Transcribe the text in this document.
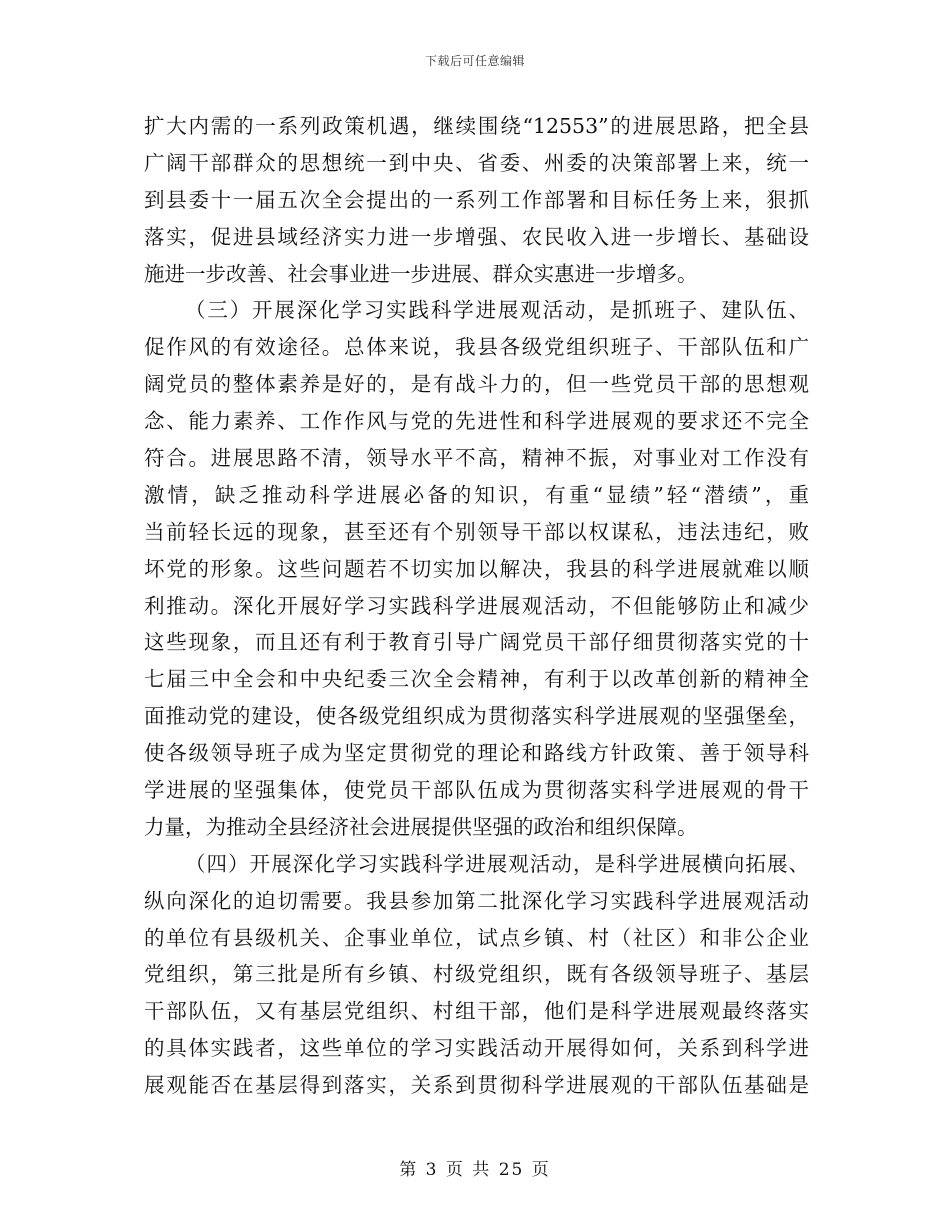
下载后可任意编辑
扩大内需的一系列政策机遇，继续围绕“12553”的进展思路，把全县
广阔干部群众的思想统一到中央、省委、州委的决策部署上来，统一
到县委十一届五次全会提出的一系列工作部署和目标任务上来，狠抓
落实，促进县域经济实力进一步增强、农民收入进一步增长、基础设
施进一步改善、社会事业进一步进展、群众实惠进一步增多。
（三）开展深化学习实践科学进展观活动，是抓班子、建队伍、
促作风的有效途径。总体来说，我县各级党组织班子、干部队伍和广
阔党员的整体素养是好的，是有战斗力的，但一些党员干部的思想观
念、能力素养、工作作风与党的先进性和科学进展观的要求还不完全
符合。进展思路不清，领导水平不高，精神不振，对事业对工作没有
激情，缺乏推动科学进展必备的知识，有重“显绩”轻“潜绩”，重
当前轻长远的现象，甚至还有个别领导干部以权谋私，违法违纪，败
坏党的形象。这些问题若不切实加以解决，我县的科学进展就难以顺
利推动。深化开展好学习实践科学进展观活动，不但能够防止和减少
这些现象，而且还有利于教育引导广阔党员干部仔细贯彻落实党的十
七届三中全会和中央纪委三次全会精神，有利于以改革创新的精神全
面推动党的建设，使各级党组织成为贯彻落实科学进展观的坚强堡垒，
使各级领导班子成为坚定贯彻党的理论和路线方针政策、善于领导科
学进展的坚强集体，使党员干部队伍成为贯彻落实科学进展观的骨干
力量，为推动全县经济社会进展提供坚强的政治和组织保障。
（四）开展深化学习实践科学进展观活动，是科学进展横向拓展、
纵向深化的迫切需要。我县参加第二批深化学习实践科学进展观活动
的单位有县级机关、企事业单位，试点乡镇、村（社区）和非公企业
党组织，第三批是所有乡镇、村级党组织，既有各级领导班子、基层
干部队伍，又有基层党组织、村组干部，他们是科学进展观最终落实
的具体实践者，这些单位的学习实践活动开展得如何，关系到科学进
展观能否在基层得到落实，关系到贯彻科学进展观的干部队伍基础是
第 3 页 共 25 页
